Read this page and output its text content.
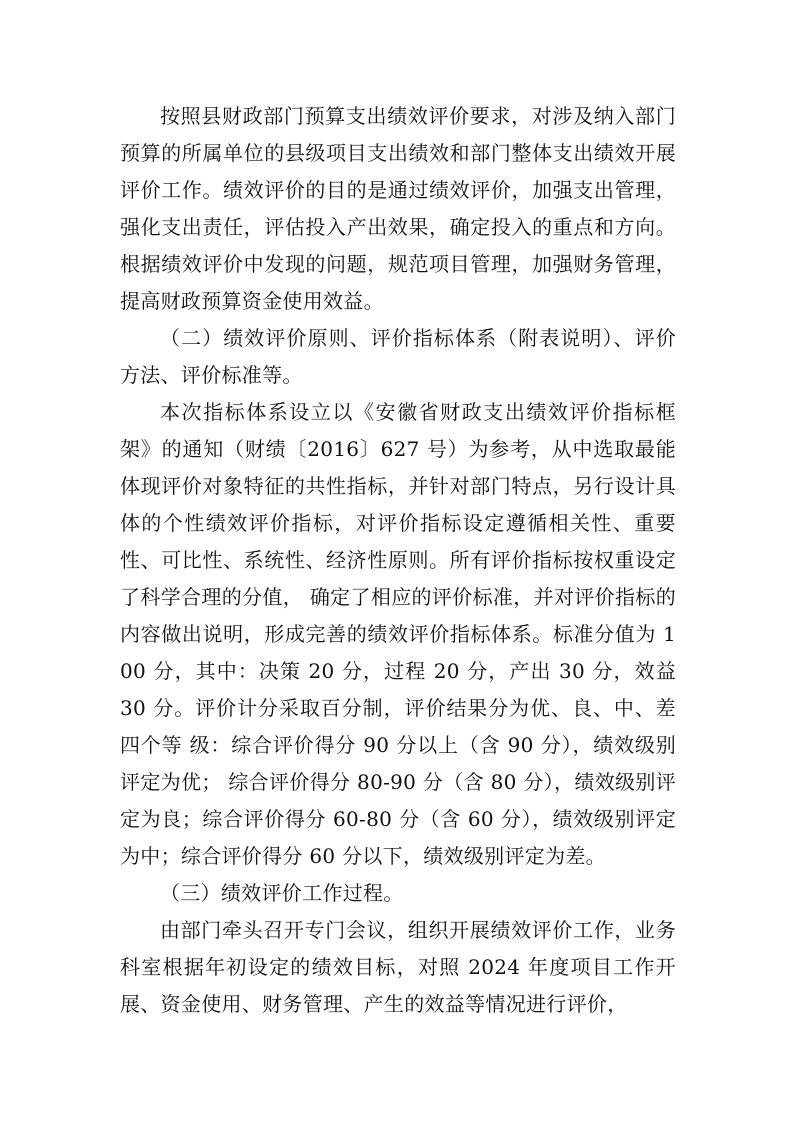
按照县财政部门预算支出绩效评价要求，对涉及纳入部门预算的所属单位的县级项目支出绩效和部门整体支出绩效开展评价工作。绩效评价的目的是通过绩效评价，加强支出管理，强化支出责任，评估投入产出效果，确定投入的重点和方向。根据绩效评价中发现的问题，规范项目管理，加强财务管理，提高财政预算资金使用效益。

（二）绩效评价原则、评价指标体系（附表说明）、评价方法、评价标准等。

本次指标体系设立以《安徽省财政支出绩效评价指标框架》的通知（财绩〔2016〕627 号）为参考，从中选取最能体现评价对象特征的共性指标，并针对部门特点，另行设计具体的个性绩效评价指标，对评价指标设定遵循相关性、重要性、可比性、系统性、经济性原则。所有评价指标按权重设定了科学合理的分值， 确定了相应的评价标准，并对评价指标的内容做出说明，形成完善的绩效评价指标体系。标准分值为 100 分，其中：决策 20 分，过程 20 分，产出 30 分，效益 30 分。评价计分采取百分制，评价结果分为优、良、中、差四个等 级：综合评价得分 90 分以上（含 90 分），绩效级别评定为优； 综合评价得分 80-90 分（含 80 分），绩效级别评定为良；综合评价得分 60-80 分（含 60 分），绩效级别评定为中；综合评价得分 60 分以下，绩效级别评定为差。

（三）绩效评价工作过程。

由部门牵头召开专门会议，组织开展绩效评价工作，业务科室根据年初设定的绩效目标，对照 2024 年度项目工作开展、资金使用、财务管理、产生的效益等情况进行评价，
